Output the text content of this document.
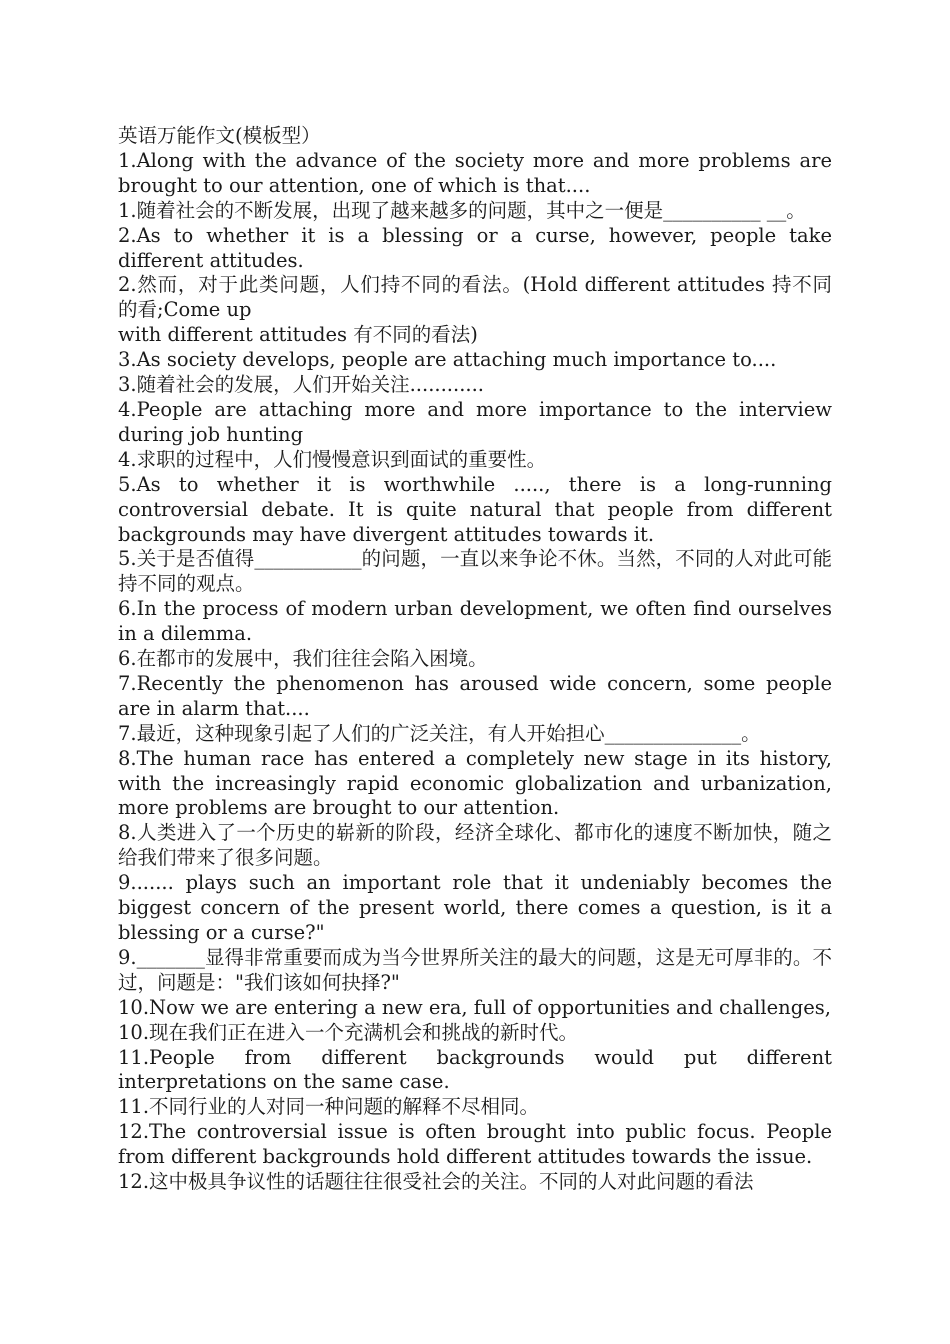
英语万能作文(模板型）
1.Along with the advance of the society more and more problems are brought to our attention, one of which is that....
1.随着社会的不断发展，出现了越来越多的问题，其中之一便是__________ __。
2.As to whether it is a blessing or a curse, however, people take different attitudes.
2.然而，对于此类问题，人们持不同的看法。(Hold different attitudes 持不同的看;Come up
with different attitudes 有不同的看法)
3.As society develops, people are attaching much importance to....
3.随着社会的发展，人们开始关注............
4.People are attaching more and more importance to the interview during job hunting
4.求职的过程中，人们慢慢意识到面试的重要性。
5.As to whether it is worthwhile ....., there is a long-running controversial debate. It is quite natural that people from different backgrounds may have divergent attitudes towards it.
5.关于是否值得___________的问题，一直以来争论不休。当然，不同的人对此可能持不同的观点。
6.In the process of modern urban development, we often find ourselves in a dilemma.
6.在都市的发展中，我们往往会陷入困境。
7.Recently the phenomenon has aroused wide concern, some people are in alarm that....
7.最近，这种现象引起了人们的广泛关注，有人开始担心______________。
8.The human race has entered a completely new stage in its history, with the increasingly rapid economic globalization and urbanization, more problems are brought to our attention.
8.人类进入了一个历史的崭新的阶段，经济全球化、都市化的速度不断加快，随之给我们带来了很多问题。
9....... plays such an important role that it undeniably becomes the biggest concern of the present world, there comes a question, is it a blessing or a curse?"
9._______显得非常重要而成为当今世界所关注的最大的问题，这是无可厚非的。不过，问题是："我们该如何抉择?"
10.Now we are entering a new era, full of opportunities and challenges,
10.现在我们正在进入一个充满机会和挑战的新时代。
11.People from different backgrounds would put different interpretations on the same case.
11.不同行业的人对同一种问题的解释不尽相同。
12.The controversial issue is often brought into public focus. People from different backgrounds hold different attitudes towards the issue.
12.这中极具争议性的话题往往很受社会的关注。不同的人对此问题的看法
